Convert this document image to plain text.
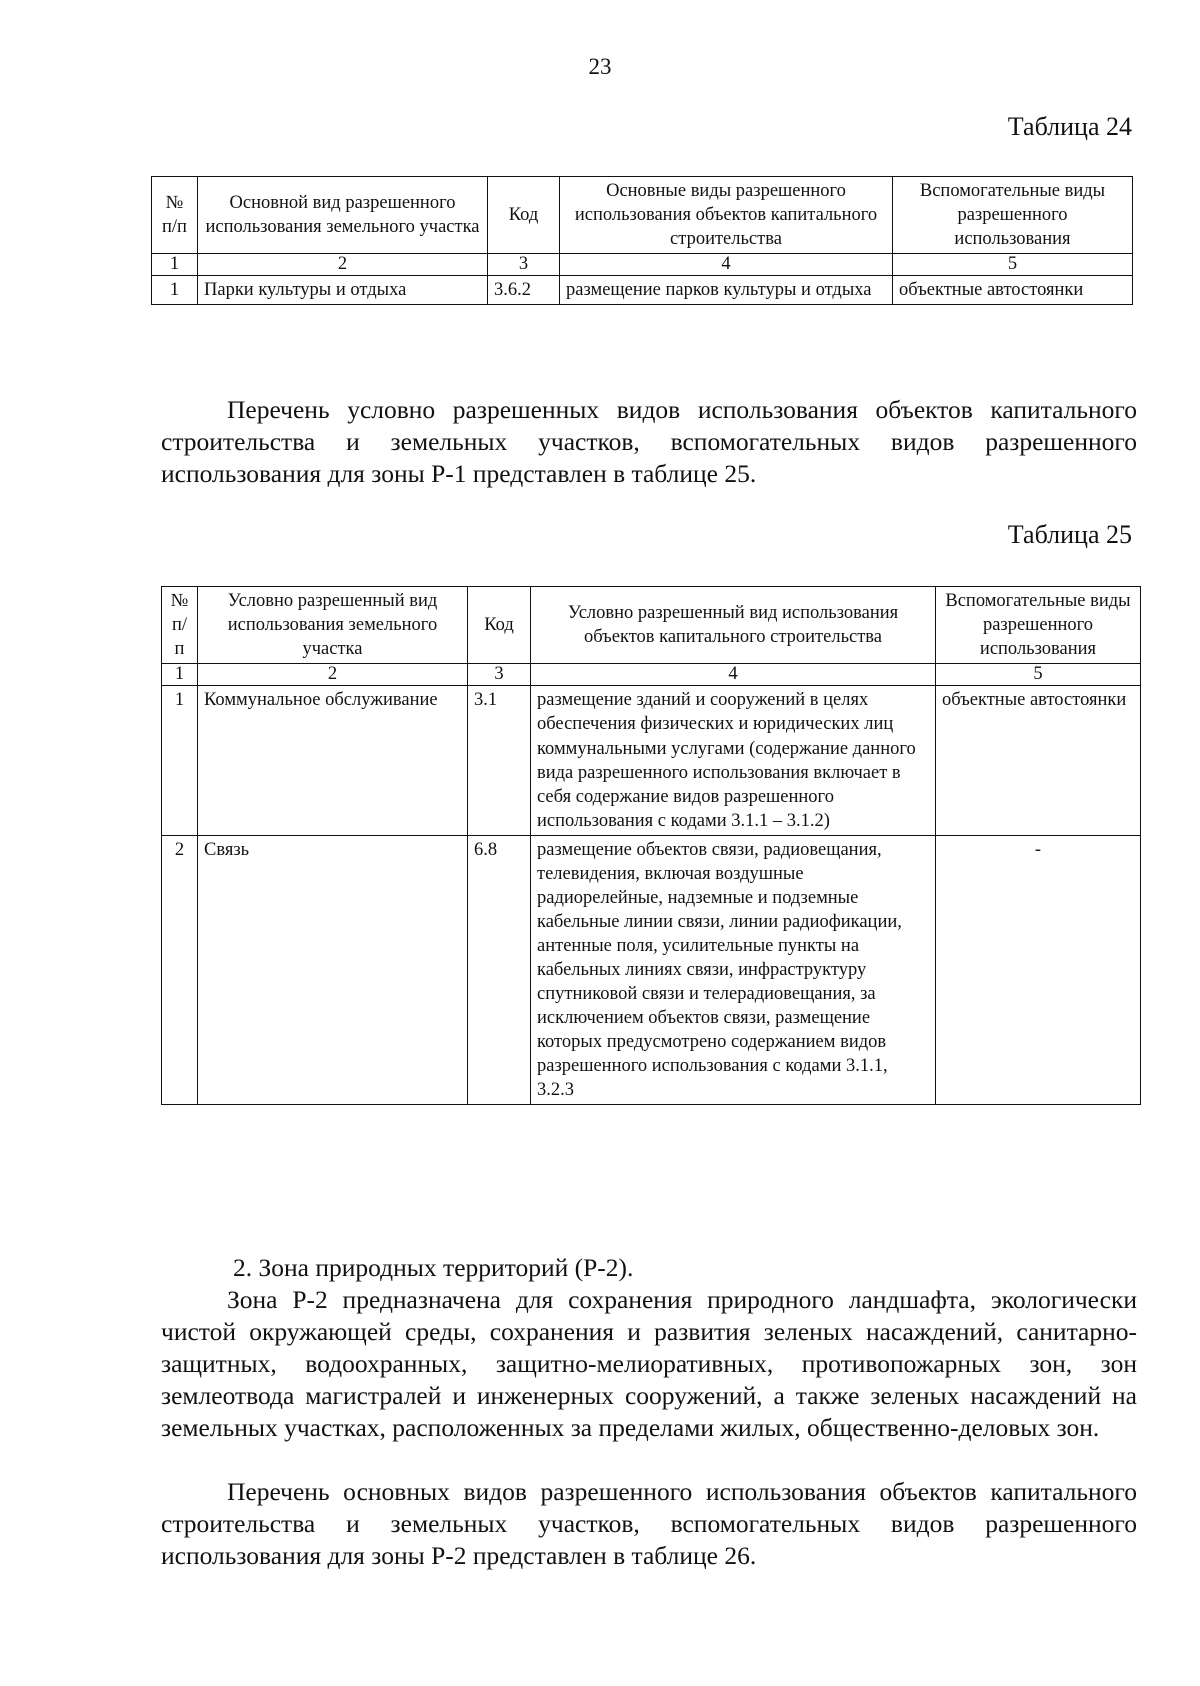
23
Таблица 24
№ п/п	Основной вид разрешенного использования земельного участка	Код	Основные виды разрешенного использования объектов капитального строительства	Вспомогательные виды разрешенного использования
1	2	3	4	5
1	Парки культуры и отдыха	3.6.2	размещение парков культуры и отдыха	объектные автостоянки

Перечень условно разрешенных видов использования объектов капитального строительства и земельных участков, вспомогательных видов разрешенного использования для зоны Р-1 представлен в таблице 25.

Таблица 25
№ п/п	Условно разрешенный вид использования земельного участка	Код	Условно разрешенный вид использования объектов капитального строительства	Вспомогательные виды разрешенного использования
1	2	3	4	5
1	Коммунальное обслуживание	3.1	размещение зданий и сооружений в целях обеспечения физических и юридических лиц коммунальными услугами (содержание данного вида разрешенного использования включает в себя содержание видов разрешенного использования с кодами 3.1.1 – 3.1.2)	объектные автостоянки
2	Связь	6.8	размещение объектов связи, радиовещания, телевидения, включая воздушные радиорелейные, надземные и подземные кабельные линии связи, линии радиофикации, антенные поля, усилительные пункты на кабельных линиях связи, инфраструктуру спутниковой связи и телерадиовещания, за исключением объектов связи, размещение которых предусмотрено содержанием видов разрешенного использования с кодами 3.1.1, 3.2.3	-

2. Зона природных территорий (Р-2).

Зона Р-2 предназначена для сохранения природного ландшафта, экологически чистой окружающей среды, сохранения и развития зеленых насаждений, санитарно-защитных, водоохранных, защитно-мелиоративных, противопожарных зон, зон землеотвода магистралей и инженерных сооружений, а также зеленых насаждений на земельных участках, расположенных за пределами жилых, общественно-деловых зон.

Перечень основных видов разрешенного использования объектов капитального строительства и земельных участков, вспомогательных видов разрешенного использования для зоны Р-2 представлен в таблице 26.
